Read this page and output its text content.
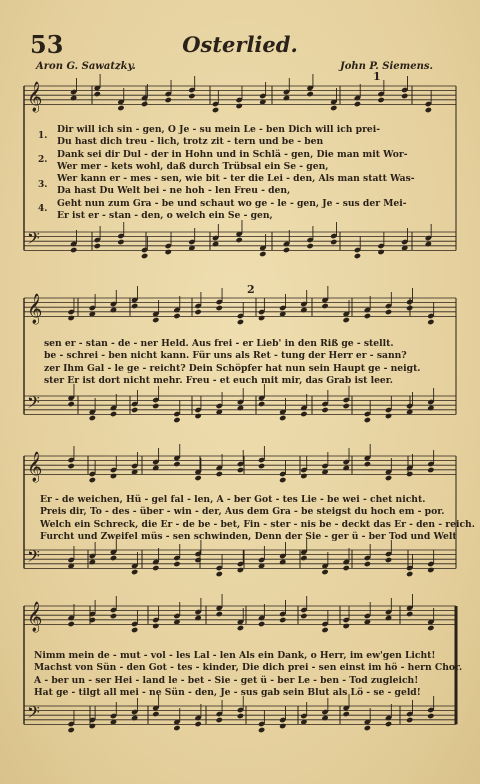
53	Osterlied.
Aron G. Sawatzky.	John P. Siemens.
𝄞
𝄢
𝄞
𝄢
𝄞
𝄢
𝄞
𝄢
1
2
1.
2.
3.
4.
Dir will ich sin - gen, O Je - su mein Le - ben Dich will ich prei-
Du hast dich treu - lich, trotz zit - tern und be - ben
Dank sei dir Dul - der in Hohn und in Schlä - gen, Die man mit Wor-
Wer mer - kets wohl, daß durch Trübsal ein Se - gen,
Wer kann er - mes - sen, wie bit - ter die Lei - den, Als man statt Was-
Da hast Du Welt bei - ne hoh - len Freu - den,
Geht nun zum Gra - be und schaut wo ge - le - gen, Je - sus der Mei-
Er ist er - stan - den, o welch ein Se - gen,
sen er - stan - de - ner Held. Aus frei - er Lieb' in den Riß ge - stellt.
be - schrei - ben nicht kann. Für uns als Ret - tung der Herr er - sann?
zer Ihm Gal - le ge - reicht? Dein Schöpfer hat nun sein Haupt ge - neigt.
ster Er ist dort nicht mehr. Freu - et euch mit mir, das Grab ist leer.
Er - de weichen, Hü - gel fal - len, A - ber Got - tes Lie - be wei - chet nicht.
Preis dir, To - des - über - win - der, Aus dem Gra - be steigst du hoch em - por.
Welch ein Schreck, die Er - de be - bet, Fin - ster - nis be - deckt das Er - den - reich.
Furcht und Zweifel müs - sen schwinden, Denn der Sie - ger ü - ber Tod und Welt
Nimm mein de - mut - vol - les Lal - len Als ein Dank, o Herr, im ew'gen Licht!
Machst von Sün - den Got - tes - kinder, Die dich prei - sen einst im hö - hern Chor.
A - ber un - ser Hei - land le - bet - Sie - get ü - ber Le - ben - Tod zugleich!
Hat ge - tilgt all mei - ne Sün - den, Je - sus gab sein Blut als Lö - se - geld!
